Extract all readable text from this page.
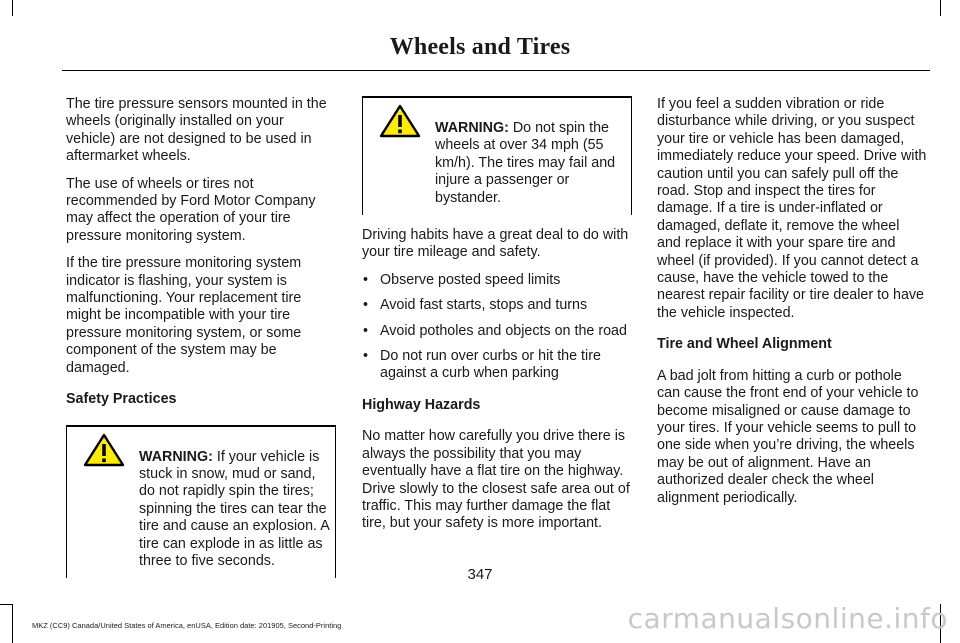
Wheels and Tires

The tire pressure sensors mounted in the wheels (originally installed on your vehicle) are not designed to be used in aftermarket wheels.

The use of wheels or tires not recommended by Ford Motor Company may affect the operation of your tire pressure monitoring system.

If the tire pressure monitoring system indicator is flashing, your system is malfunctioning. Your replacement tire might be incompatible with your tire pressure monitoring system, or some component of the system may be damaged.

Safety Practices

WARNING: If your vehicle is stuck in snow, mud or sand, do not rapidly spin the tires; spinning the tires can tear the tire and cause an explosion. A tire can explode in as little as three to five seconds.
WARNING: Do not spin the wheels at over 34 mph (55 km/h). The tires may fail and injure a passenger or bystander.

Driving habits have a great deal to do with your tire mileage and safety.

• Observe posted speed limits
• Avoid fast starts, stops and turns
• Avoid potholes and objects on the road
• Do not run over curbs or hit the tire against a curb when parking

Highway Hazards

No matter how carefully you drive there is always the possibility that you may eventually have a flat tire on the highway. Drive slowly to the closest safe area out of traffic. This may further damage the flat tire, but your safety is more important.

If you feel a sudden vibration or ride disturbance while driving, or you suspect your tire or vehicle has been damaged, immediately reduce your speed. Drive with caution until you can safely pull off the road. Stop and inspect the tires for damage. If a tire is under-inflated or damaged, deflate it, remove the wheel and replace it with your spare tire and wheel (if provided). If you cannot detect a cause, have the vehicle towed to the nearest repair facility or tire dealer to have the vehicle inspected.

Tire and Wheel Alignment

A bad jolt from hitting a curb or pothole can cause the front end of your vehicle to become misaligned or cause damage to your tires. If your vehicle seems to pull to one side when you’re driving, the wheels may be out of alignment. Have an authorized dealer check the wheel alignment periodically.

347
MKZ (CC9) Canada/United States of America, enUSA, Edition date: 201905, Second-Printing	carmanualsonline.info
